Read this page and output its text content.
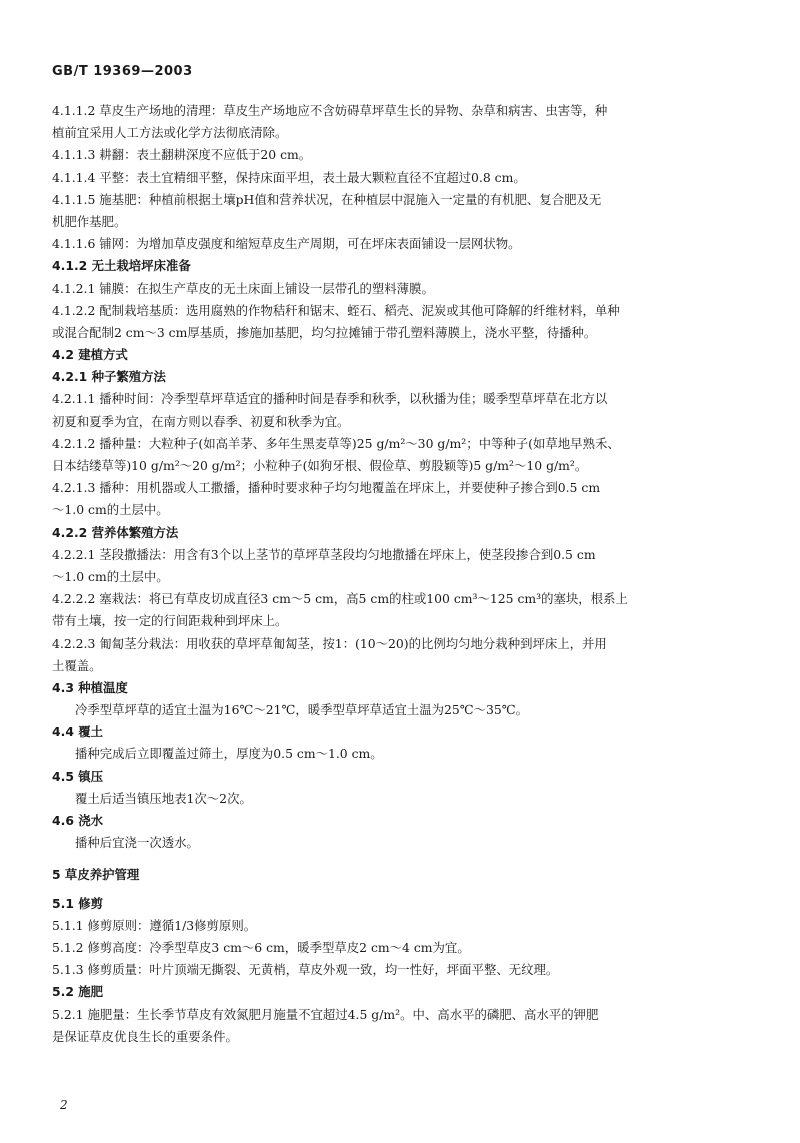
GB/T 19369—2003
4.1.1.2 草皮生产场地的清理：草皮生产场地应不含妨碍草坪草生长的异物、杂草和病害、虫害等，种
植前宜采用人工方法或化学方法彻底清除。
4.1.1.3 耕翻：表土翻耕深度不应低于20 cm。
4.1.1.4 平整：表土宜精细平整，保持床面平坦，表土最大颗粒直径不宜超过0.8 cm。
4.1.1.5 施基肥：种植前根据土壤pH值和营养状况，在种植层中混施入一定量的有机肥、复合肥及无
机肥作基肥。
4.1.1.6 铺网：为增加草皮强度和缩短草皮生产周期，可在坪床表面铺设一层网状物。
4.1.2 无土栽培坪床准备
4.1.2.1 铺膜：在拟生产草皮的无土床面上铺设一层带孔的塑料薄膜。
4.1.2.2 配制栽培基质：选用腐熟的作物秸秆和锯末、蛭石、稻壳、泥炭或其他可降解的纤维材料，单种
或混合配制2 cm～3 cm厚基质，掺施加基肥，均匀拉摊铺于带孔塑料薄膜上，浇水平整，待播种。
4.2 建植方式
4.2.1 种子繁殖方法
4.2.1.1 播种时间：冷季型草坪草适宜的播种时间是春季和秋季，以秋播为佳；暖季型草坪草在北方以
初夏和夏季为宜，在南方则以春季、初夏和秋季为宜。
4.2.1.2 播种量：大粒种子(如高羊茅、多年生黑麦草等)25 g/m²～30 g/m²；中等种子(如草地早熟禾、
日本结缕草等)10 g/m²～20 g/m²；小粒种子(如狗牙根、假俭草、剪股颖等)5 g/m²～10 g/m²。
4.2.1.3 播种：用机器或人工撒播，播种时要求种子均匀地覆盖在坪床上，并要使种子掺合到0.5 cm
～1.0 cm的土层中。
4.2.2 营养体繁殖方法
4.2.2.1 茎段撒播法：用含有3个以上茎节的草坪草茎段均匀地撒播在坪床上，使茎段掺合到0.5 cm
～1.0 cm的土层中。
4.2.2.2 塞栽法：将已有草皮切成直径3 cm～5 cm，高5 cm的柱或100 cm³～125 cm³的塞块，根系上
带有土壤，按一定的行间距栽种到坪床上。
4.2.2.3 匍匐茎分栽法：用收获的草坪草匍匐茎，按1：(10～20)的比例均匀地分栽种到坪床上，并用
土覆盖。
4.3 种植温度
冷季型草坪草的适宜土温为16℃～21℃，暖季型草坪草适宜土温为25℃～35℃。
4.4 覆土
播种完成后立即覆盖过筛土，厚度为0.5 cm～1.0 cm。
4.5 镇压
覆土后适当镇压地表1次～2次。
4.6 浇水
播种后宜浇一次透水。
5 草皮养护管理
5.1 修剪
5.1.1 修剪原则：遵循1/3修剪原则。
5.1.2 修剪高度：冷季型草皮3 cm～6 cm，暖季型草皮2 cm～4 cm为宜。
5.1.3 修剪质量：叶片顶端无撕裂、无黄梢，草皮外观一致，均一性好，坪面平整、无纹理。
5.2 施肥
5.2.1 施肥量：生长季节草皮有效氮肥月施量不宜超过4.5 g/m²。中、高水平的磷肥、高水平的钾肥
是保证草皮优良生长的重要条件。
2
